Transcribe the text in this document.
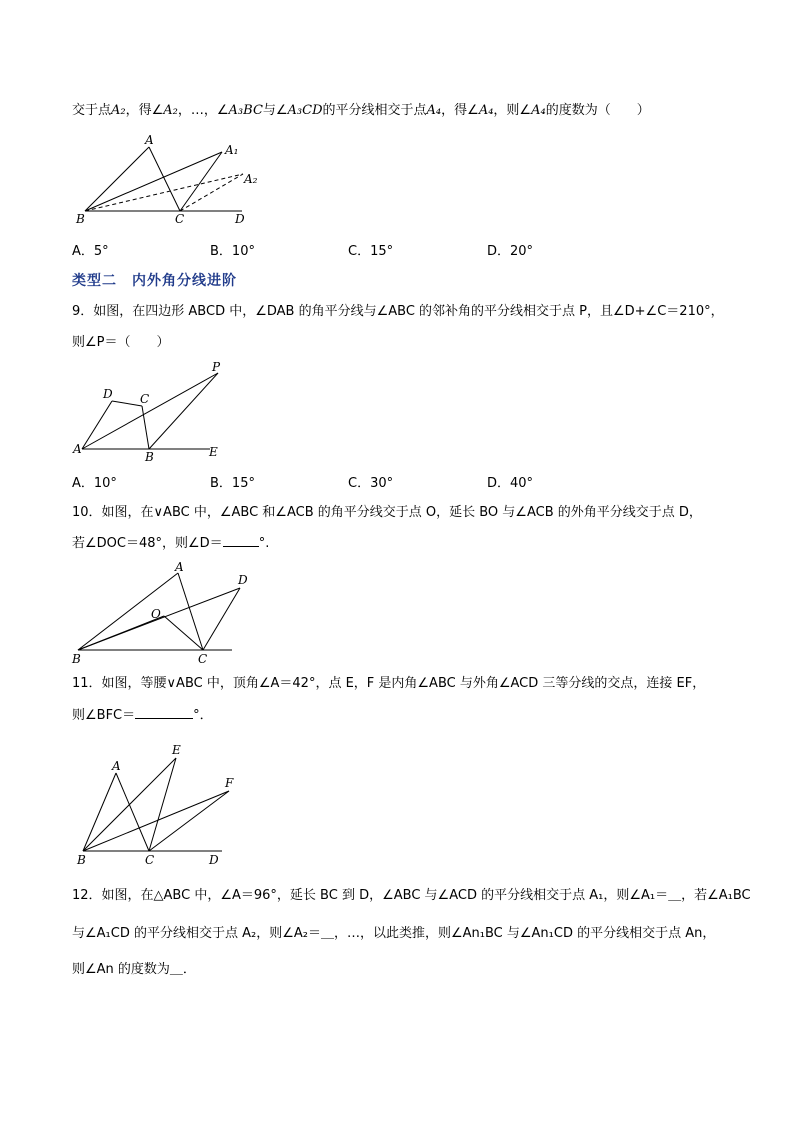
交于点A₂，得∠A₂，…，∠A₃BC与∠A₃CD的平分线相交于点A₄，得∠A₄，则∠A₄的度数为（　　）
A
A₁
A₂
B	C	D
A．5°	B．10°	C．15°	D．20°
类型二　内外角分线进阶
9．如图，在四边形 ABCD 中，∠DAB 的角平分线与∠ABC 的邻补角的平分线相交于点 P，且∠D+∠C＝210°，
则∠P＝（　　）
P
D C
A
B	E
A．10°	B．15°	C．30°	D．40°
10．如图，在∨ABC 中，∠ABC 和∠ACB 的角平分线交于点 O，延长 BO 与∠ACB 的外角平分线交于点 D，
若∠DOC＝48°，则∠D＝	°.
A
D
O
B	C
11．如图，等腰∨ABC 中，顶角∠A＝42°，点 E，F 是内角∠ABC 与外角∠ACD 三等分线的交点，连接 EF，
则∠BFC＝	°．
A
E
F
B	C	D
12．如图，在△ABC 中，∠A＝96°，延长 BC 到 D，∠ABC 与∠ACD 的平分线相交于点 A₁，则∠A₁＝＿，若∠A₁BC
与∠A₁CD 的平分线相交于点 A₂，则∠A₂＝＿，…，以此类推，则∠An₁BC 与∠An₁CD 的平分线相交于点 An，
则∠An 的度数为＿．
